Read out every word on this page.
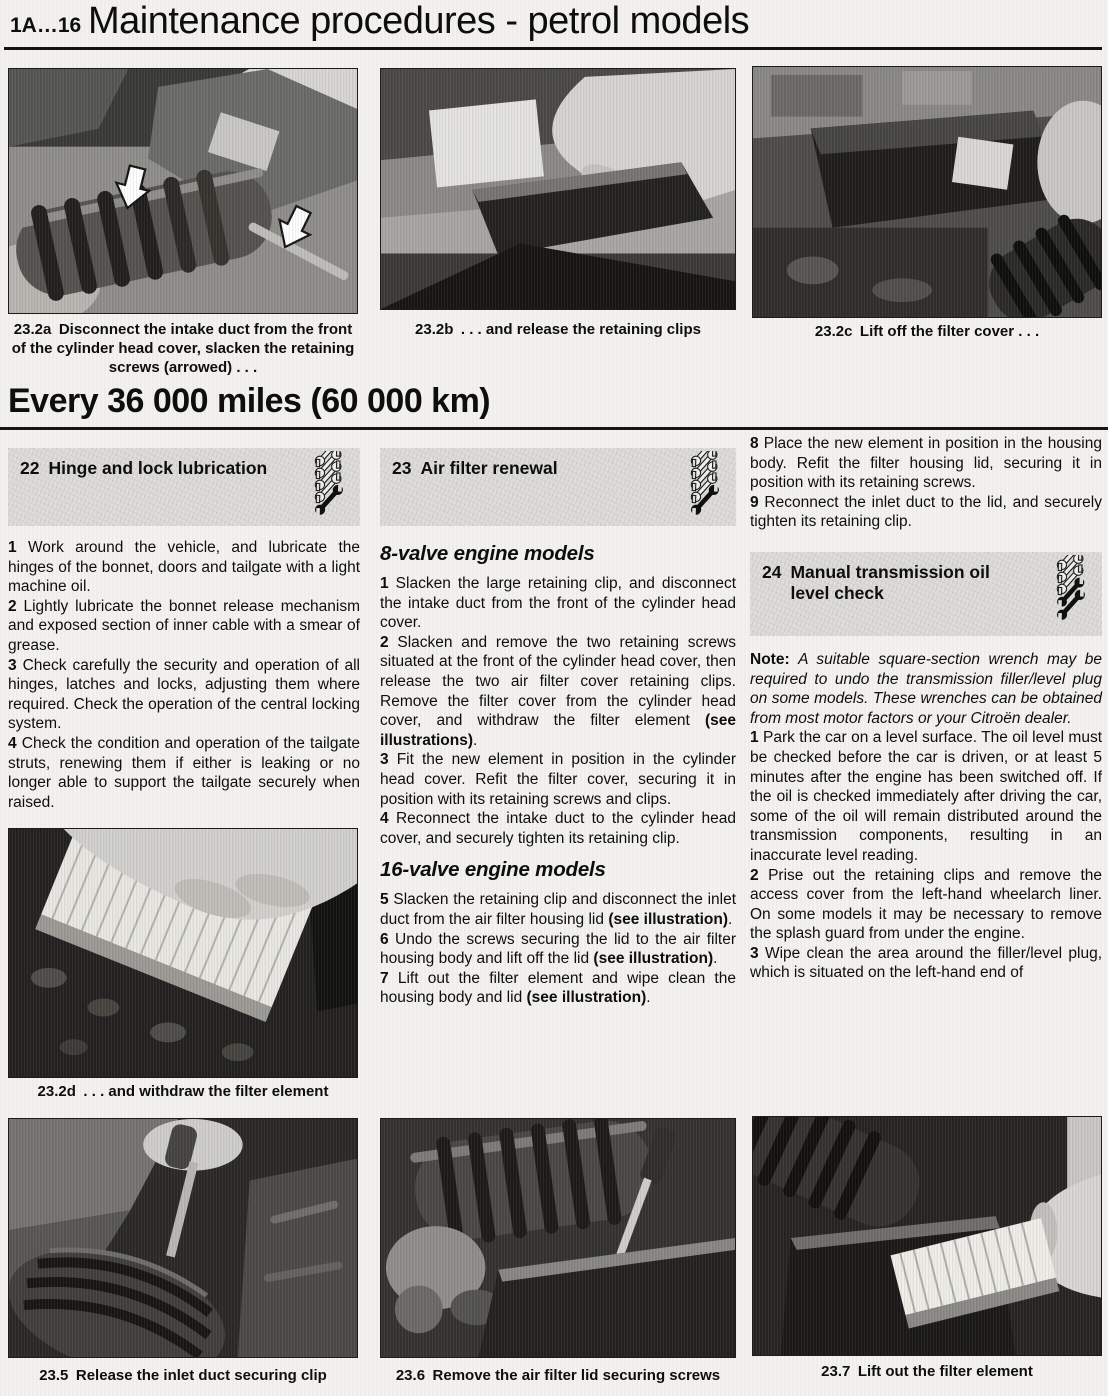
1A…16 Maintenance procedures - petrol models
23.2a Disconnect the intake duct from the front of the cylinder head cover, slacken the retaining screws (arrowed) . . .
23.2b . . . and release the retaining clips	23.2c Lift off the filter cover . . .
Every 36 000 miles (60 000 km)
22 Hinge and lock lubrication

1 Work around the vehicle, and lubricate the hinges of the bonnet, doors and tailgate with a light machine oil.

2 Lightly lubricate the bonnet release mechanism and exposed section of inner cable with a smear of grease.

3 Check carefully the security and operation of all hinges, latches and locks, adjusting them where required. Check the operation of the central locking system.

4 Check the condition and operation of the tailgate struts, renewing them if either is leaking or no longer able to support the tailgate securely when raised.

23.2d . . . and withdraw the filter element
23 Air filter renewal
8-valve engine models

1 Slacken the large retaining clip, and disconnect the intake duct from the front of the cylinder head cover.

2 Slacken and remove the two retaining screws situated at the front of the cylinder head cover, then release the two air filter cover retaining clips. Remove the filter cover from the cylinder head cover, and withdraw the filter element (see illustrations).

3 Fit the new element in position in the cylinder head cover. Refit the filter cover, securing it in position with its retaining screws and clips.

4 Reconnect the intake duct to the cylinder head cover, and securely tighten its retaining clip.

16-valve engine models

5 Slacken the retaining clip and disconnect the inlet duct from the air filter housing lid (see illustration).

6 Undo the screws securing the lid to the air filter housing body and lift off the lid (see illustration).

7 Lift out the filter element and wipe clean the housing body and lid (see illustration).

8 Place the new element in position in the housing body. Refit the filter housing lid, securing it in position with its retaining screws.

9 Reconnect the inlet duct to the lid, and securely tighten its retaining clip.

24 Manual transmission oil level check

Note: A suitable square-section wrench may be required to undo the transmission filler/level plug on some models. These wrenches can be obtained from most motor factors or your Citroën dealer.

1 Park the car on a level surface. The oil level must be checked before the car is driven, or at least 5 minutes after the engine has been switched off. If the oil is checked immediately after driving the car, some of the oil will remain distributed around the transmission components, resulting in an inaccurate level reading.

2 Prise out the retaining clips and remove the access cover from the left-hand wheelarch liner. On some models it may be necessary to remove the splash guard from under the engine.

3 Wipe clean the area around the filler/level plug, which is situated on the left-hand end of

23.5 Release the inlet duct securing clip	23.6 Remove the air filter lid securing screws	23.7 Lift out the filter element
